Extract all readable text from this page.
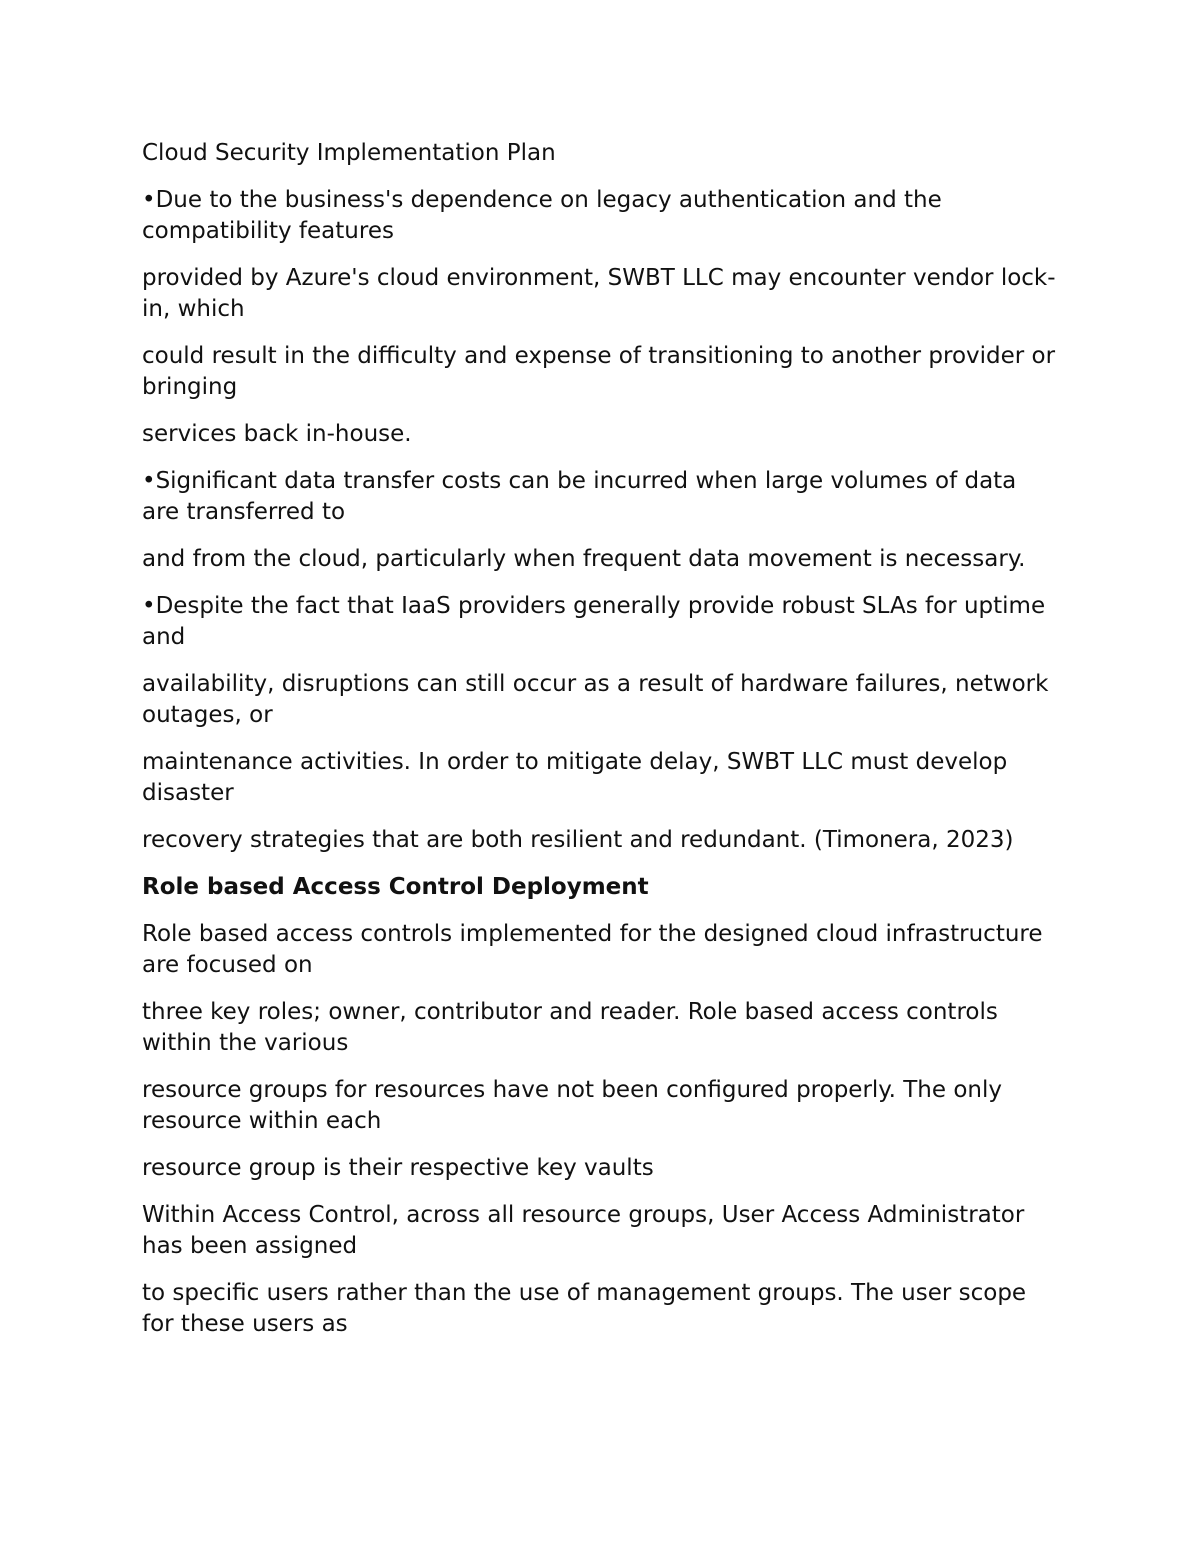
Cloud Security Implementation Plan

•Due to the business's dependence on legacy authentication and the compatibility features

provided by Azure's cloud environment, SWBT LLC may encounter vendor lock-in, which

could result in the difficulty and expense of transitioning to another provider or bringing

services back in-house.

•Significant data transfer costs can be incurred when large volumes of data are transferred to

and from the cloud, particularly when frequent data movement is necessary.

•Despite the fact that IaaS providers generally provide robust SLAs for uptime and

availability, disruptions can still occur as a result of hardware failures, network outages, or

maintenance activities. In order to mitigate delay, SWBT LLC must develop disaster

recovery strategies that are both resilient and redundant. (Timonera, 2023)

Role based Access Control Deployment

Role based access controls implemented for the designed cloud infrastructure are focused on

three key roles; owner, contributor and reader. Role based access controls within the various

resource groups for resources have not been configured properly. The only resource within each

resource group is their respective key vaults

Within Access Control, across all resource groups, User Access Administrator has been assigned

to specific users rather than the use of management groups. The user scope for these users as
